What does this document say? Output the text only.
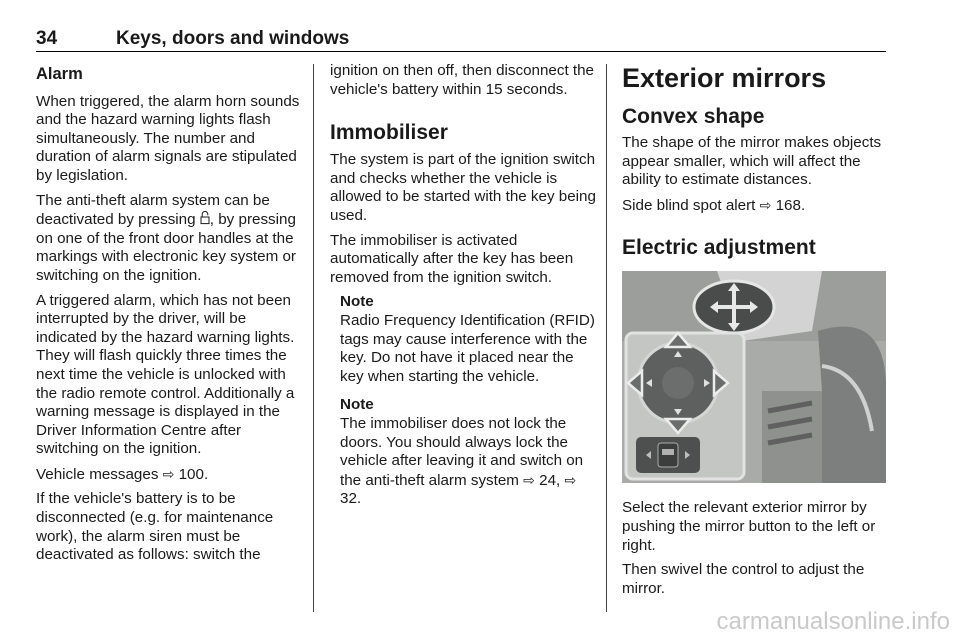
34	Keys, doors and windows
Alarm

When triggered, the alarm horn sounds and the hazard warning lights flash simultaneously. The number and duration of alarm signals are stipulated by legislation.

The anti-theft alarm system can be deactivated by pressing , by pressing on one of the front door handles at the markings with electronic key system or switching on the ignition.

A triggered alarm, which has not been interrupted by the driver, will be indicated by the hazard warning lights. They will flash quickly three times the next time the vehicle is unlocked with the radio remote control. Additionally a warning message is displayed in the Driver Information Centre after switching on the ignition.

Vehicle messages ⇨ 100.

If the vehicle's battery is to be disconnected (e.g. for maintenance work), the alarm siren must be deactivated as follows: switch the

ignition on then off, then disconnect the vehicle's battery within 15 seconds.

Immobiliser

The system is part of the ignition switch and checks whether the vehicle is allowed to be started with the key being used.

The immobiliser is activated automatically after the key has been removed from the ignition switch.

Note

Radio Frequency Identification (RFID) tags may cause interference with the key. Do not have it placed near the key when starting the vehicle.

Note

The immobiliser does not lock the doors. You should always lock the vehicle after leaving it and switch on the anti-theft alarm system ⇨ 24, ⇨ 32.

Exterior mirrors
Convex shape

The shape of the mirror makes objects appear smaller, which will affect the ability to estimate distances.

Side blind spot alert ⇨ 168.

Electric adjustment

Select the relevant exterior mirror by pushing the mirror button to the left or right.

Then swivel the control to adjust the mirror.

carmanualsonline.info
